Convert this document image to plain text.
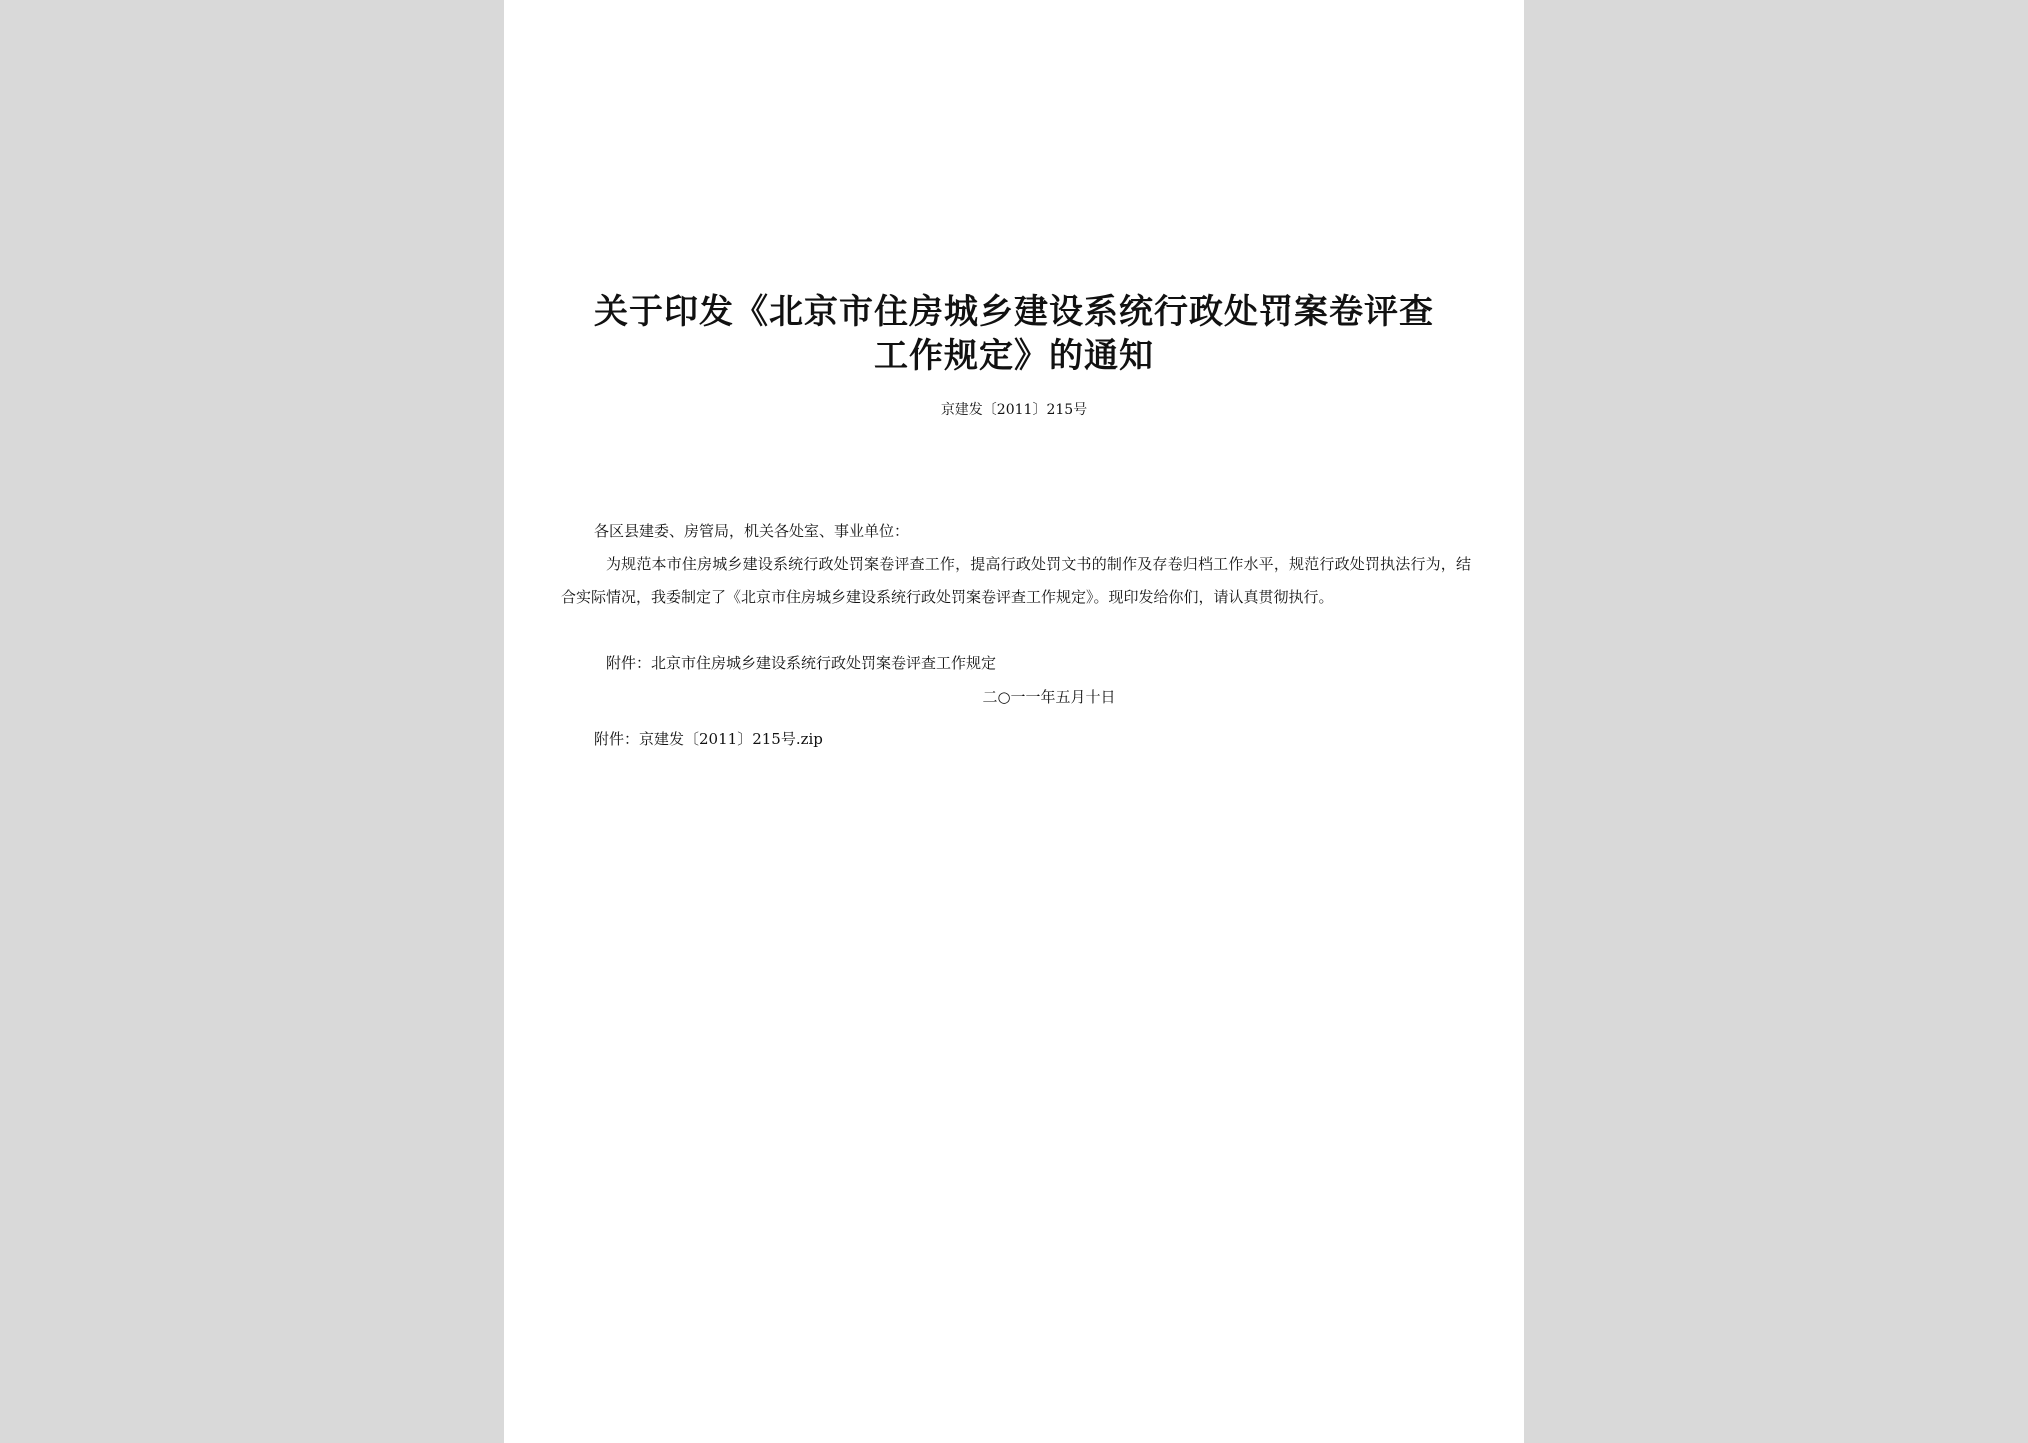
关于印发《北京市住房城乡建设系统行政处罚案卷评查
工作规定》的通知
京建发〔2011〕215号
各区县建委、房管局，机关各处室、事业单位：
为规范本市住房城乡建设系统行政处罚案卷评查工作，提高行政处罚文书的制作及存卷归档工作水平，规范行政处罚执法行为，结合实际情况，我委制定了《北京市住房城乡建设系统行政处罚案卷评查工作规定》。现印发给你们，请认真贯彻执行。
附件：北京市住房城乡建设系统行政处罚案卷评查工作规定
二○一一年五月十日
附件：京建发〔2011〕215号.zip
